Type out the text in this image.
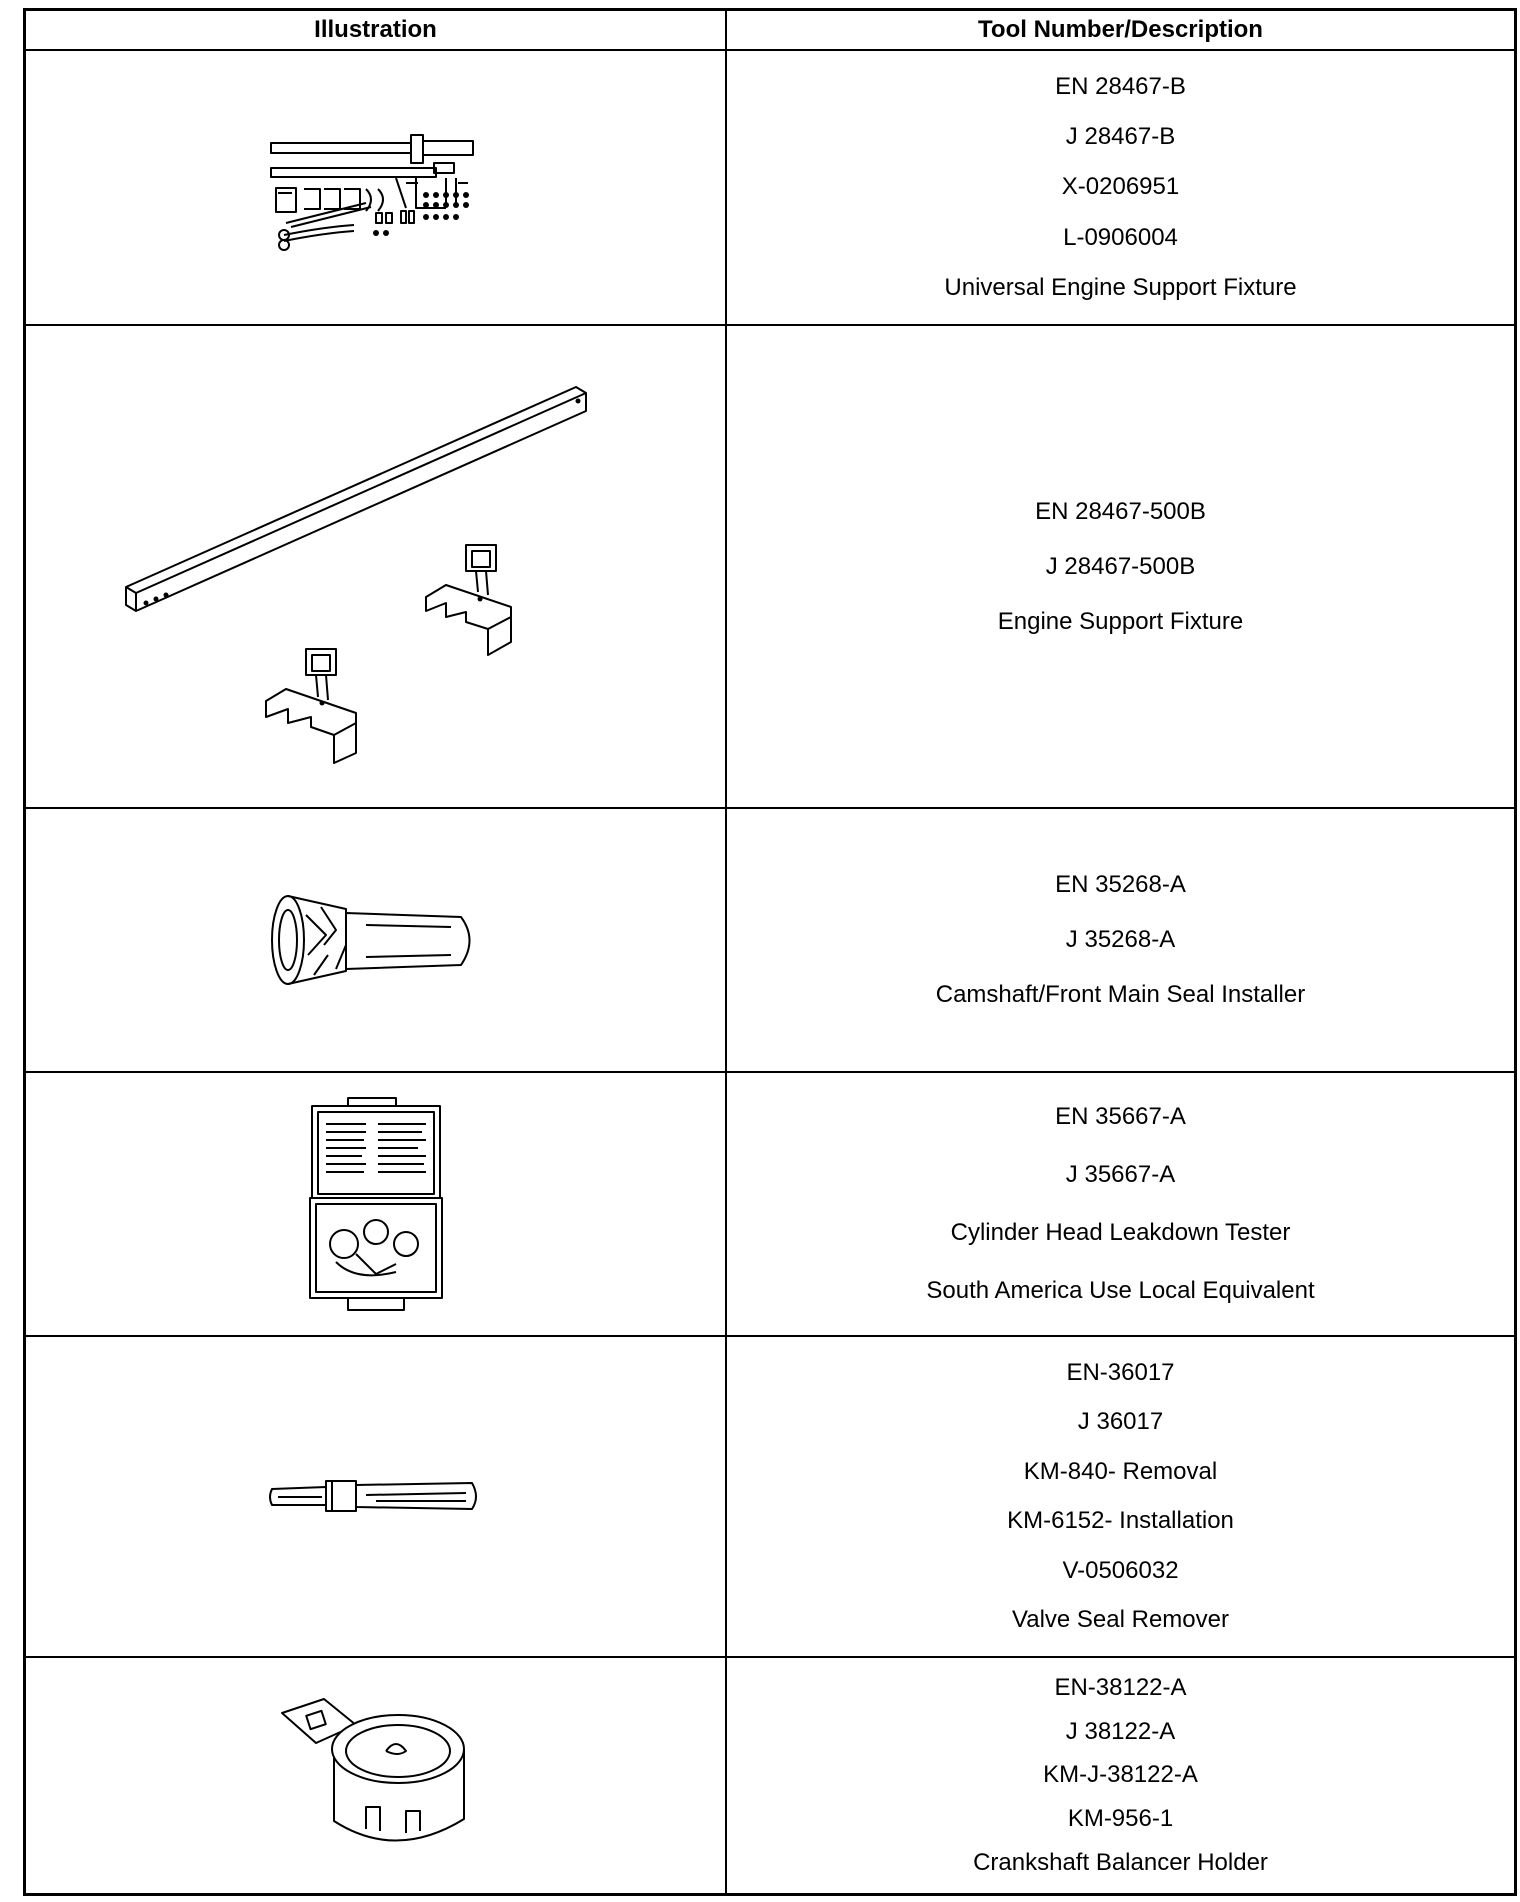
Illustration	Tool Number/Description
EN 28467-B
J 28467-B
X-0206951
L-0906004
Universal Engine Support Fixture
EN 28467-500B
J 28467-500B
Engine Support Fixture
EN 35268-A
J 35268-A
Camshaft/Front Main Seal Installer
EN 35667-A
J 35667-A
Cylinder Head Leakdown Tester
South America Use Local Equivalent
EN-36017
J 36017
KM-840- Removal
KM-6152- Installation
V-0506032
Valve Seal Remover
EN-38122-A
J 38122-A
KM-J-38122-A
KM-956-1
Crankshaft Balancer Holder
